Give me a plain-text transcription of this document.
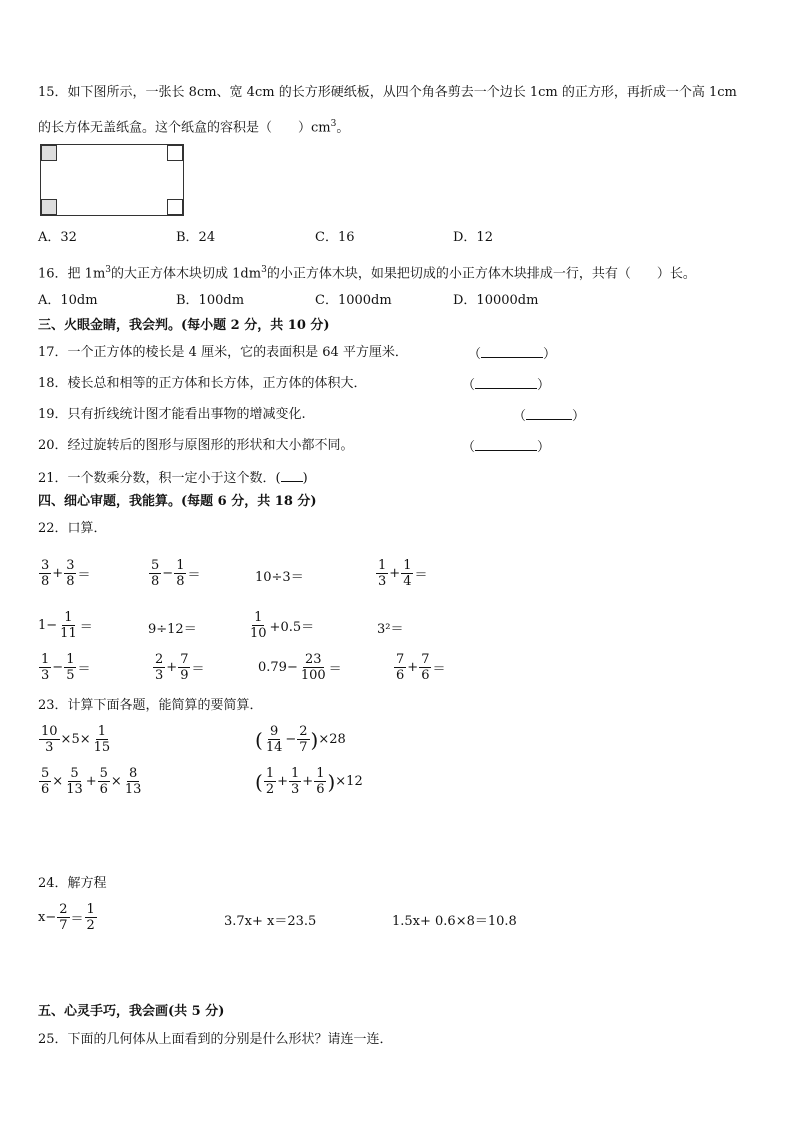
15．如下图所示，一张长 8cm、宽 4cm 的长方形硬纸板，从四个角各剪去一个边长 1cm 的正方形，再折成一个高 1cm
的长方体无盖纸盒。这个纸盒的容积是（　　）$cm^3$。
A．32	B．24	C．16	D．12
16．把 $1m^3$的大正方体木块切成 $1dm^3$的小正方体木块，如果把切成的小正方体木块排成一行，共有（　　）长。
A．10dm	B．100dm	C．1000dm	D．10000dm
三、火眼金睛，我会判。(每小题 2 分，共 10 分)
17．一个正方体的棱长是 4 厘米，它的表面积是 64 平方厘米．	（	）
18．棱长总和相等的正方体和长方体，正方体的体积大．	（	）
19．只有折线统计图才能看出事物的增减变化.	（	）
20．经过旋转后的图形与原图形的形状和大小都不同。	（	）
21．一个数乘分数，积一定小于这个数．( )
四、细心审题，我能算。(每题 6 分，共 18 分)
22．口算．
$\frac{3}{8} + \frac{3}{8}$ ＝	$\frac{5}{8} - \frac{1}{8}$ ＝	10÷3＝	$\frac{1}{3} + \frac{1}{4}$ ＝
$1- \frac{1}{11}$ ＝	9÷12＝	$\frac{1}{10} +0.5=$	3²＝
$\frac{1}{3} - \frac{1}{5}$ ＝	$\frac{2}{3} + \frac{7}{9}$ ＝	$0.79- \frac{23}{100}$ ＝	$\frac{7}{6} + \frac{7}{6}$ ＝
23．计算下面各题，能简算的要简算．
$\frac{10}{3} \times 5\times \frac{1}{15}$	( $\frac{9}{14} - \frac{2}{7}$ ) ×28
$\frac{5}{6} \times \frac{5}{13} + \frac{5}{6} \times \frac{8}{13}$	( $\frac{1}{2} + \frac{1}{3} + \frac{1}{6}$ ) ×12
24．解方程
$x- \frac{2}{7} = \frac{1}{2}$	3.7x+ x＝23.5	1.5x+ 0.6×8＝10.8
五、心灵手巧，我会画(共 5 分)
25．下面的几何体从上面看到的分别是什么形状？请连一连．
